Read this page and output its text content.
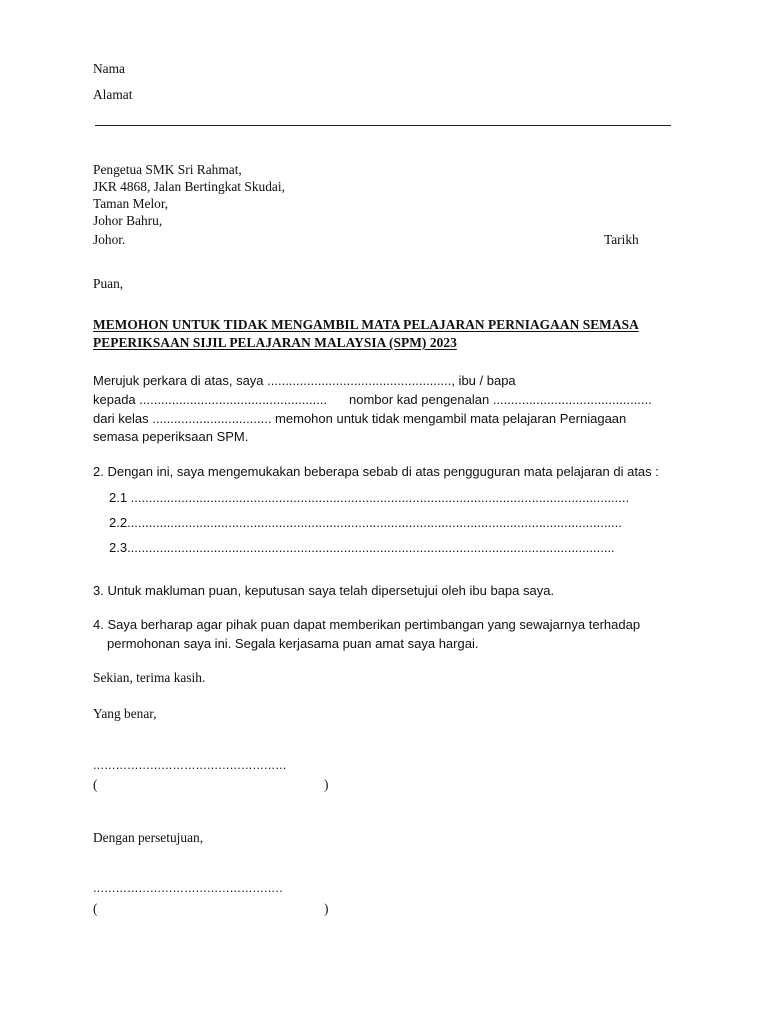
Nama
Alamat
Pengetua SMK Sri Rahmat,
JKR 4868, Jalan Bertingkat Skudai,
Taman Melor,
Johor Bahru,
Johor.	Tarikh
Puan,
MEMOHON UNTUK TIDAK MENGAMBIL MATA PELAJARAN PERNIAGAAN SEMASA
PEPERIKSAAN SIJIL PELAJARAN MALAYSIA (SPM) 2023
Merujuk perkara di atas, saya ..................................................., ibu / bapa
kepada .................................................... nombor kad pengenalan ............................................
dari kelas ................................. memohon untuk tidak mengambil mata pelajaran Perniagaan
semasa peperiksaan SPM.
2. Dengan ini, saya mengemukakan beberapa sebab di atas pengguguran mata pelajaran di atas :
2.1 ..........................................................................................................................................
2.2.........................................................................................................................................
2.3.......................................................................................................................................
3. Untuk makluman puan, keputusan saya telah dipersetujui oleh ibu bapa saya.
4. Saya berharap agar pihak puan dapat memberikan pertimbangan yang sewajarnya terhadap
permohonan saya ini. Segala kerjasama puan amat saya hargai.
Sekian, terima kasih.
Yang benar,
……………………………………………
(	)
Dengan persetujuan,
…………………………………………..
(	)
